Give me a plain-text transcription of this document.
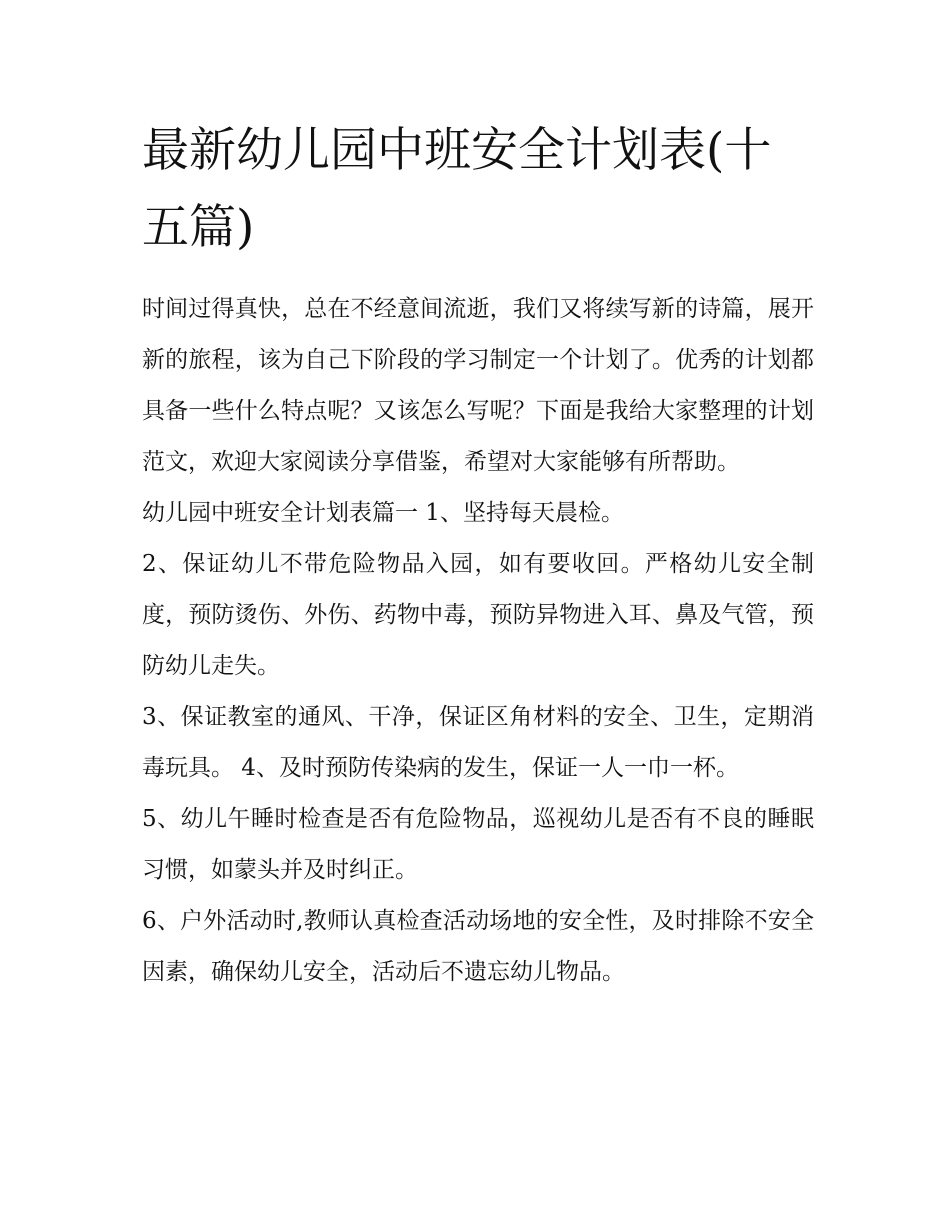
最新幼儿园中班安全计划表(十五篇)

时间过得真快，总在不经意间流逝，我们又将续写新的诗篇，展开新的旅程，该为自己下阶段的学习制定一个计划了。优秀的计划都具备一些什么特点呢？又该怎么写呢？下面是我给大家整理的计划范文，欢迎大家阅读分享借鉴，希望对大家能够有所帮助。

幼儿园中班安全计划表篇一 1、坚持每天晨检。

2、保证幼儿不带危险物品入园，如有要收回。严格幼儿安全制度，预防烫伤、外伤、药物中毒，预防异物进入耳、鼻及气管，预防幼儿走失。

3、保证教室的通风、干净，保证区角材料的安全、卫生，定期消毒玩具。 4、及时预防传染病的发生，保证一人一巾一杯。

5、幼儿午睡时检查是否有危险物品，巡视幼儿是否有不良的睡眠习惯，如蒙头并及时纠正。

6、户外活动时,教师认真检查活动场地的安全性，及时排除不安全因素，确保幼儿安全，活动后不遗忘幼儿物品。
